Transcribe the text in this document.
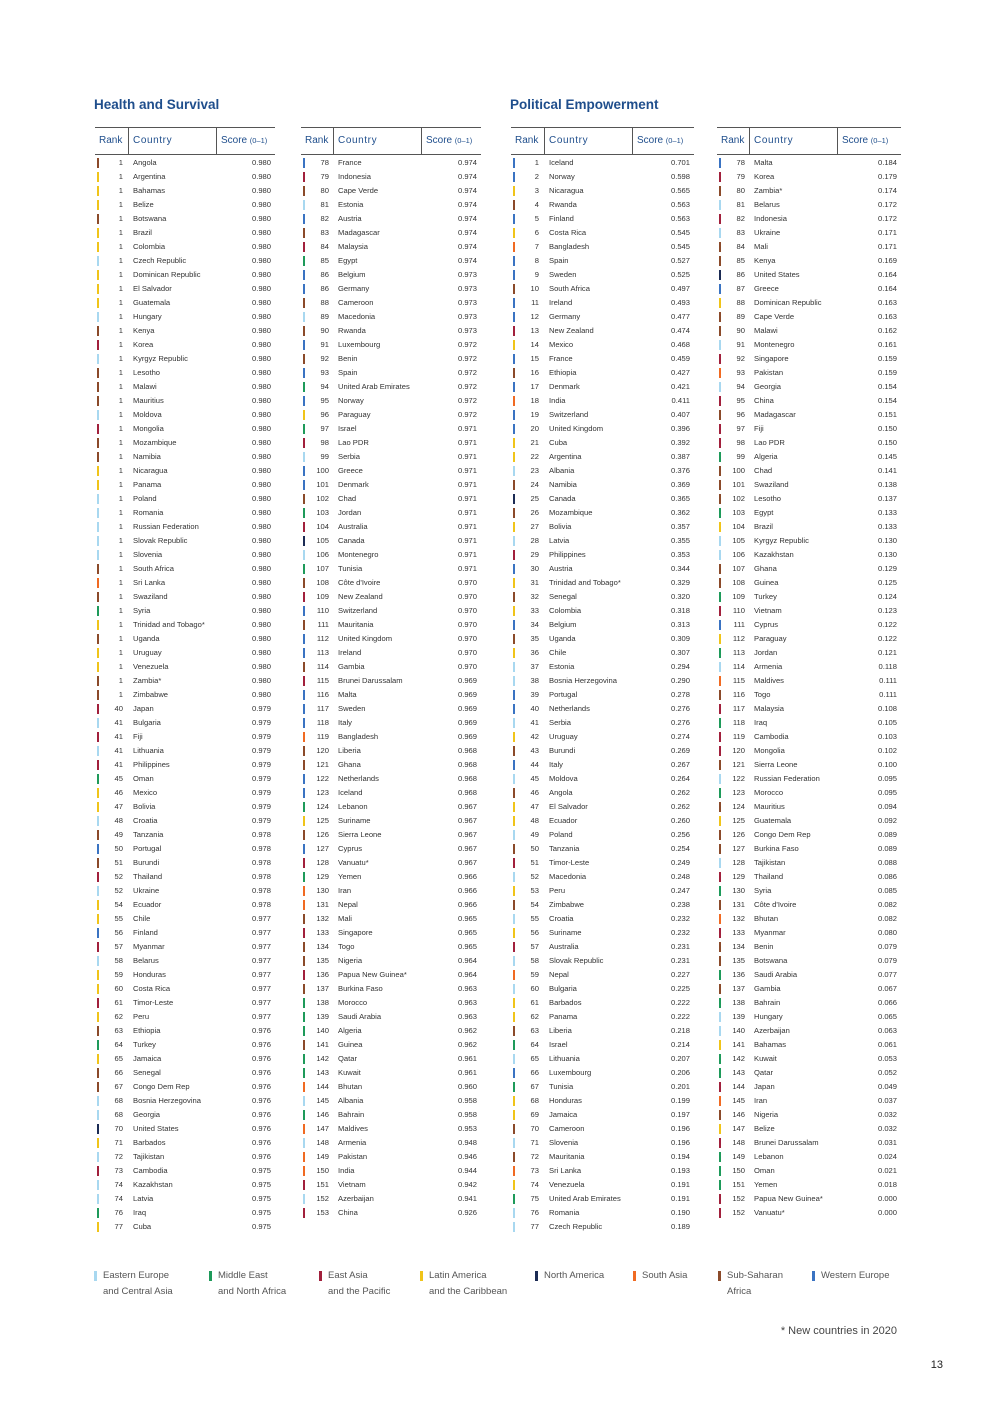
Health and Survival	Political Empowerment
Rank Country	Score (0–1)
1 Angola	0.980
1 Argentina	0.980
1 Bahamas	0.980
1 Belize	0.980
1 Botswana	0.980
1 Brazil	0.980
1 Colombia	0.980
1 Czech Republic	0.980
1 Dominican Republic	0.980
1 El Salvador	0.980
1 Guatemala	0.980
1 Hungary	0.980
1 Kenya	0.980
1 Korea	0.980
1 Kyrgyz Republic	0.980
1 Lesotho	0.980
1 Malawi	0.980
1 Mauritius	0.980
1 Moldova	0.980
1 Mongolia	0.980
1 Mozambique	0.980
1 Namibia	0.980
1 Nicaragua	0.980
1 Panama	0.980
1 Poland	0.980
1 Romania	0.980
1 Russian Federation	0.980
1 Slovak Republic	0.980
1 Slovenia	0.980
1 South Africa	0.980
1 Sri Lanka	0.980
1 Swaziland	0.980
1 Syria	0.980
1 Trinidad and Tobago*	0.980
1 Uganda	0.980
1 Uruguay	0.980
1 Venezuela	0.980
1 Zambia*	0.980
1 Zimbabwe	0.980
40 Japan	0.979
41 Bulgaria	0.979
41 Fiji	0.979
41 Lithuania	0.979
41 Philippines	0.979
45 Oman	0.979
46 Mexico	0.979
47 Bolivia	0.979
48 Croatia	0.979
49 Tanzania	0.978
50 Portugal	0.978
51 Burundi	0.978
52 Thailand	0.978
52 Ukraine	0.978
54 Ecuador	0.978
55 Chile	0.977
56 Finland	0.977
57 Myanmar	0.977
58 Belarus	0.977
59 Honduras	0.977
60 Costa Rica	0.977
61 Timor-Leste	0.977
62 Peru	0.977
63 Ethiopia	0.976
64 Turkey	0.976
65 Jamaica	0.976
66 Senegal	0.976
67 Congo Dem Rep	0.976
68 Bosnia Herzegovina	0.976
68 Georgia	0.976
70 United States	0.976
71 Barbados	0.976
72 Tajikistan	0.976
73 Cambodia	0.975
74 Kazakhstan	0.975
74 Latvia	0.975
76 Iraq	0.975
77 Cuba	0.975
Rank Country	Score (0–1)
78 France	0.974
79 Indonesia	0.974
80 Cape Verde	0.974
81 Estonia	0.974
82 Austria	0.974
83 Madagascar	0.974
84 Malaysia	0.974
85 Egypt	0.974
86 Belgium	0.973
86 Germany	0.973
88 Cameroon	0.973
89 Macedonia	0.973
90 Rwanda	0.973
91 Luxembourg	0.972
92 Benin	0.972
93 Spain	0.972
94 United Arab Emirates	0.972
95 Norway	0.972
96 Paraguay	0.972
97 Israel	0.971
98 Lao PDR	0.971
99 Serbia	0.971
100 Greece	0.971
101 Denmark	0.971
102 Chad	0.971
103 Jordan	0.971
104 Australia	0.971
105 Canada	0.971
106 Montenegro	0.971
107 Tunisia	0.971
108 Côte d'Ivoire	0.970
109 New Zealand	0.970
110 Switzerland	0.970
111 Mauritania	0.970
112 United Kingdom	0.970
113 Ireland	0.970
114 Gambia	0.970
115 Brunei Darussalam	0.969
116 Malta	0.969
117 Sweden	0.969
118 Italy	0.969
119 Bangladesh	0.969
120 Liberia	0.968
121 Ghana	0.968
122 Netherlands	0.968
123 Iceland	0.968
124 Lebanon	0.967
125 Suriname	0.967
126 Sierra Leone	0.967
127 Cyprus	0.967
128 Vanuatu*	0.967
129 Yemen	0.966
130 Iran	0.966
131 Nepal	0.966
132 Mali	0.965
133 Singapore	0.965
134 Togo	0.965
135 Nigeria	0.964
136 Papua New Guinea*	0.964
137 Burkina Faso	0.963
138 Morocco	0.963
139 Saudi Arabia	0.963
140 Algeria	0.962
141 Guinea	0.962
142 Qatar	0.961
143 Kuwait	0.961
144 Bhutan	0.960
145 Albania	0.958
146 Bahrain	0.958
147 Maldives	0.953
148 Armenia	0.948
149 Pakistan	0.946
150 India	0.944
151 Vietnam	0.942
152 Azerbaijan	0.941
153 China	0.926
Rank Country	Score (0–1)
1 Iceland	0.701
2 Norway	0.598
3 Nicaragua	0.565
4 Rwanda	0.563
5 Finland	0.563
6 Costa Rica	0.545
7 Bangladesh	0.545
8 Spain	0.527
9 Sweden	0.525
10 South Africa	0.497
11 Ireland	0.493
12 Germany	0.477
13 New Zealand	0.474
14 Mexico	0.468
15 France	0.459
16 Ethiopia	0.427
17 Denmark	0.421
18 India	0.411
19 Switzerland	0.407
20 United Kingdom	0.396
21 Cuba	0.392
22 Argentina	0.387
23 Albania	0.376
24 Namibia	0.369
25 Canada	0.365
26 Mozambique	0.362
27 Bolivia	0.357
28 Latvia	0.355
29 Philippines	0.353
30 Austria	0.344
31 Trinidad and Tobago*	0.329
32 Senegal	0.320
33 Colombia	0.318
34 Belgium	0.313
35 Uganda	0.309
36 Chile	0.307
37 Estonia	0.294
38 Bosnia Herzegovina	0.290
39 Portugal	0.278
40 Netherlands	0.276
41 Serbia	0.276
42 Uruguay	0.274
43 Burundi	0.269
44 Italy	0.267
45 Moldova	0.264
46 Angola	0.262
47 El Salvador	0.262
48 Ecuador	0.260
49 Poland	0.256
50 Tanzania	0.254
51 Timor-Leste	0.249
52 Macedonia	0.248
53 Peru	0.247
54 Zimbabwe	0.238
55 Croatia	0.232
56 Suriname	0.232
57 Australia	0.231
58 Slovak Republic	0.231
59 Nepal	0.227
60 Bulgaria	0.225
61 Barbados	0.222
62 Panama	0.222
63 Liberia	0.218
64 Israel	0.214
65 Lithuania	0.207
66 Luxembourg	0.206
67 Tunisia	0.201
68 Honduras	0.199
69 Jamaica	0.197
70 Cameroon	0.196
71 Slovenia	0.196
72 Mauritania	0.194
73 Sri Lanka	0.193
74 Venezuela	0.191
75 United Arab Emirates	0.191
76 Romania	0.190
77 Czech Republic	0.189
Rank Country	Score (0–1)
78 Malta	0.184
79 Korea	0.179
80 Zambia*	0.174
81 Belarus	0.172
82 Indonesia	0.172
83 Ukraine	0.171
84 Mali	0.171
85 Kenya	0.169
86 United States	0.164
87 Greece	0.164
88 Dominican Republic	0.163
89 Cape Verde	0.163
90 Malawi	0.162
91 Montenegro	0.161
92 Singapore	0.159
93 Pakistan	0.159
94 Georgia	0.154
95 China	0.154
96 Madagascar	0.151
97 Fiji	0.150
98 Lao PDR	0.150
99 Algeria	0.145
100 Chad	0.141
101 Swaziland	0.138
102 Lesotho	0.137
103 Egypt	0.133
104 Brazil	0.133
105 Kyrgyz Republic	0.130
106 Kazakhstan	0.130
107 Ghana	0.129
108 Guinea	0.125
109 Turkey	0.124
110 Vietnam	0.123
111 Cyprus	0.122
112 Paraguay	0.122
113 Jordan	0.121
114 Armenia	0.118
115 Maldives	0.111
116 Togo	0.111
117 Malaysia	0.108
118 Iraq	0.105
119 Cambodia	0.103
120 Mongolia	0.102
121 Sierra Leone	0.100
122 Russian Federation	0.095
123 Morocco	0.095
124 Mauritius	0.094
125 Guatemala	0.092
126 Congo Dem Rep	0.089
127 Burkina Faso	0.089
128 Tajikistan	0.088
129 Thailand	0.086
130 Syria	0.085
131 Côte d'Ivoire	0.082
132 Bhutan	0.082
133 Myanmar	0.080
134 Benin	0.079
135 Botswana	0.079
136 Saudi Arabia	0.077
137 Gambia	0.067
138 Bahrain	0.066
139 Hungary	0.065
140 Azerbaijan	0.063
141 Bahamas	0.061
142 Kuwait	0.053
143 Qatar	0.052
144 Japan	0.049
145 Iran	0.037
146 Nigeria	0.032
147 Belize	0.032
148 Brunei Darussalam	0.031
149 Lebanon	0.024
150 Oman	0.021
151 Yemen	0.018
152 Papua New Guinea*	0.000
152 Vanuatu*	0.000
Eastern Europe
and Central Asia
Middle East
and North Africa
East Asia
and the Pacific
Latin America
and the Caribbean
North America	South Asia	Sub-Saharan
Africa
Western Europe
* New countries in 2020
13
